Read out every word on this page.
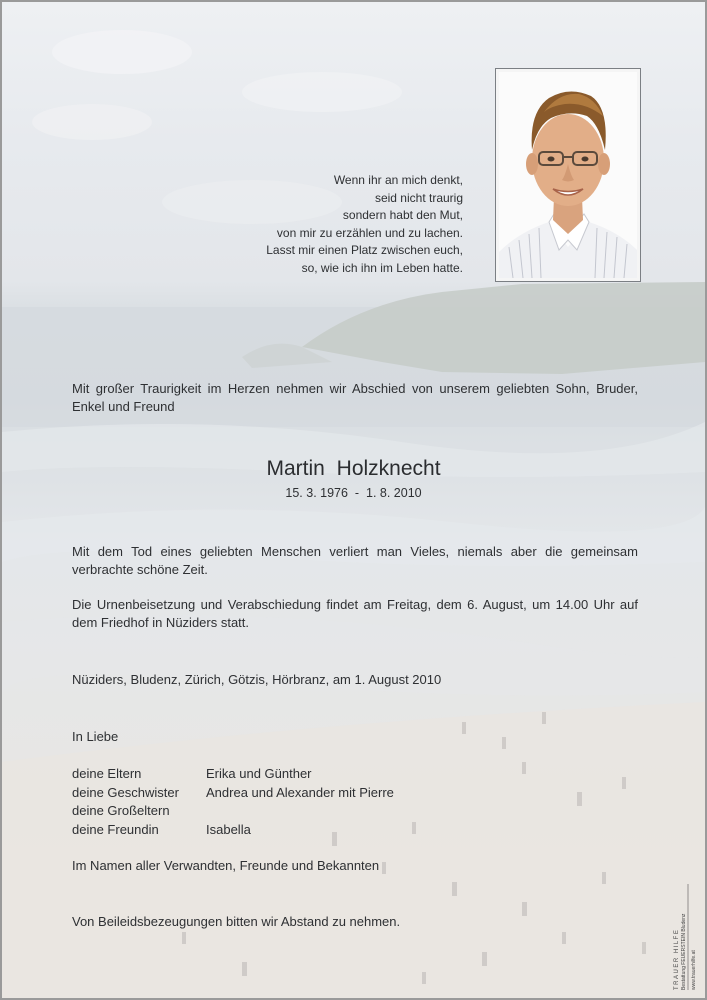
Wenn ihr an mich denkt,
seid nicht traurig
sondern habt den Mut,
von mir zu erzählen und zu lachen.
Lasst mir einen Platz zwischen euch,
so, wie ich ihn im Leben hatte.
Mit großer Traurigkeit im Herzen nehmen wir Abschied von unserem geliebten Sohn, Bruder, Enkel und Freund
Martin Holzknecht
15. 3. 1976  -  1. 8. 2010
Mit dem Tod eines geliebten Menschen verliert man Vieles, niemals aber die gemeinsam verbrachte schöne Zeit.
Die Urnenbeisetzung und Verabschiedung findet am Freitag, dem 6. August, um 14.00 Uhr auf dem Friedhof in Nüziders statt.
Nüziders, Bludenz, Zürich, Götzis, Hörbranz, am 1. August 2010
In Liebe
deine Eltern	Erika und Günther
deine Geschwister	Andrea und Alexander mit Pierre
deine Großeltern
deine Freundin	Isabella
Im Namen aller Verwandten, Freunde und Bekannten
Von Beileidsbezeugungen bitten wir Abstand zu nehmen.
TRAUER HILFE Bestattung FEUERSTEIN Bludenz www.trauerhilfe.at
